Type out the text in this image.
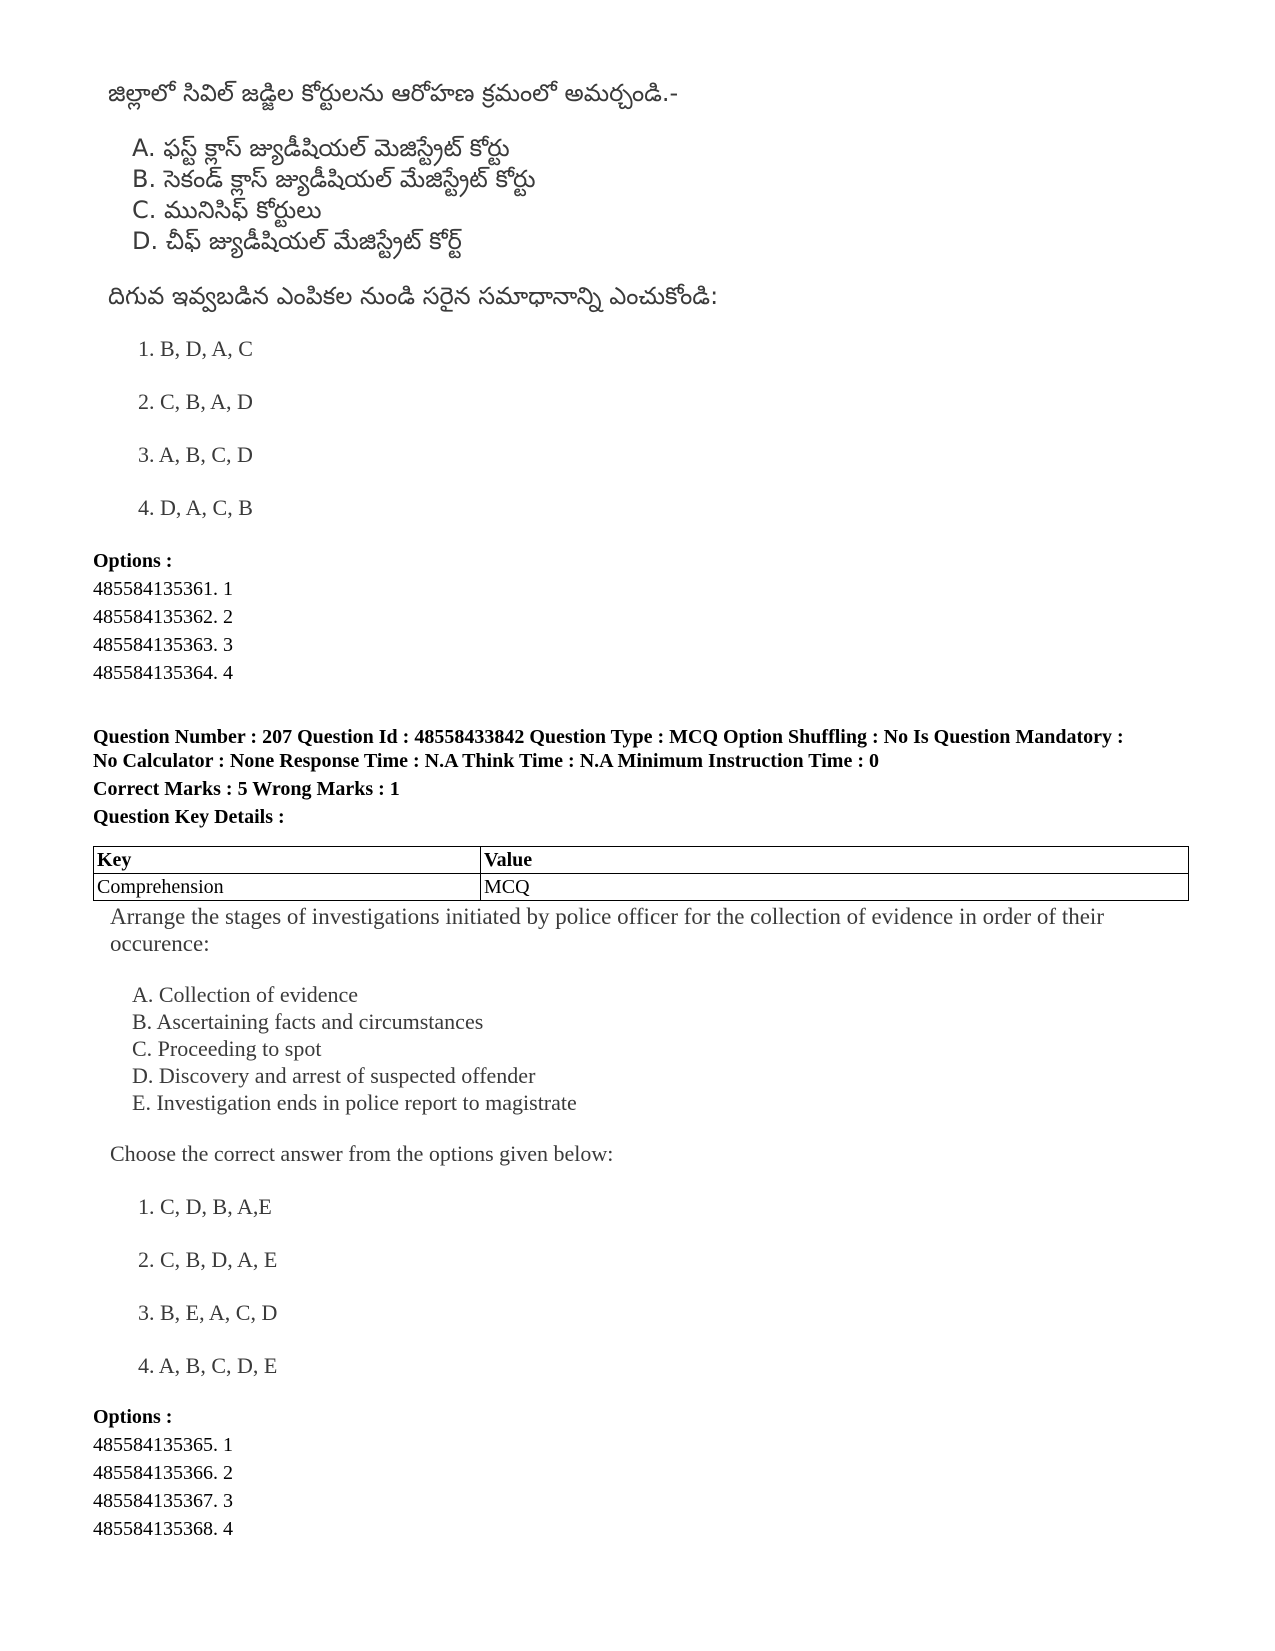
జిల్లాలో సివిల్ జడ్జిల కోర్టులను ఆరోహణ క్రమంలో అమర్చండి.-
A. ఫస్ట్ క్లాస్ జ్యుడీషియల్ మెజిస్ట్రేట్ కోర్టు
B. సెకండ్ క్లాస్ జ్యుడీషియల్ మేజిస్ట్రేట్ కోర్టు
C. మునిసిఫ్ కోర్టులు
D. చీఫ్ జ్యుడీషియల్ మేజిస్ట్రేట్ కోర్ట్
దిగువ ఇవ్వబడిన ఎంపికల నుండి సరైన సమాధానాన్ని ఎంచుకోండి:
1. B, D, A, C
2. C, B, A, D
3. A, B, C, D
4. D, A, C, B
Options :
485584135361. 1
485584135362. 2
485584135363. 3
485584135364. 4
Question Number : 207 Question Id : 48558433842 Question Type : MCQ Option Shuffling : No Is Question Mandatory :
No Calculator : None Response Time : N.A Think Time : N.A Minimum Instruction Time : 0
Correct Marks : 5 Wrong Marks : 1
Question Key Details :
Key	Value
Comprehension	MCQ
Arrange the stages of investigations initiated by police officer for the collection of evidence in order of their
occurence:
A. Collection of evidence
B. Ascertaining facts and circumstances
C. Proceeding to spot
D. Discovery and arrest of suspected offender
E. Investigation ends in police report to magistrate
Choose the correct answer from the options given below:
1. C, D, B, A,E
2. C, B, D, A, E
3. B, E, A, C, D
4. A, B, C, D, E
Options :
485584135365. 1
485584135366. 2
485584135367. 3
485584135368. 4
